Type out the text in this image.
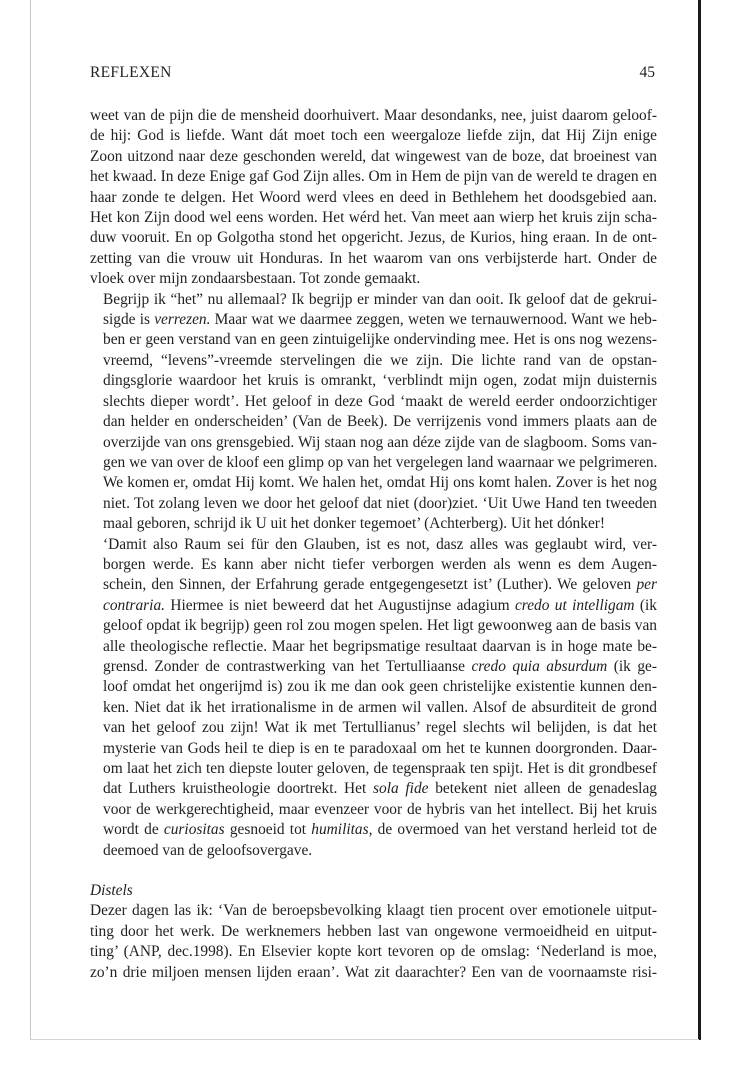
REFLEXEN	45

weet van de pijn die de mensheid doorhuivert. Maar desondanks, nee, juist daarom geloof-
de hij: God is liefde. Want dát moet toch een weergaloze liefde zijn, dat Hij Zijn enige
Zoon uitzond naar deze geschonden wereld, dat wingewest van de boze, dat broeinest van
het kwaad. In deze Enige gaf God Zijn alles. Om in Hem de pijn van de wereld te dragen en
haar zonde te delgen. Het Woord werd vlees en deed in Bethlehem het doodsgebied aan.
Het kon Zijn dood wel eens worden. Het wérd het. Van meet aan wierp het kruis zijn scha-
duw vooruit. En op Golgotha stond het opgericht. Jezus, de Kurios, hing eraan. In de ont-
zetting van die vrouw uit Honduras. In het waarom van ons verbijsterde hart. Onder de
vloek over mijn zondaarsbestaan. Tot zonde gemaakt.

Begrijp ik “het” nu allemaal? Ik begrijp er minder van dan ooit. Ik geloof dat de gekrui-
sigde is verrezen. Maar wat we daarmee zeggen, weten we ternauwernood. Want we heb-
ben er geen verstand van en geen zintuigelijke ondervinding mee. Het is ons nog wezens-
vreemd, “levens”-vreemde stervelingen die we zijn. Die lichte rand van de opstan-
dingsglorie waardoor het kruis is omrankt, ‘verblindt mijn ogen, zodat mijn duisternis
slechts dieper wordt’. Het geloof in deze God ‘maakt de wereld eerder ondoorzichtiger
dan helder en onderscheiden’ (Van de Beek). De verrijzenis vond immers plaats aan de
overzijde van ons grensgebied. Wij staan nog aan déze zijde van de slagboom. Soms van-
gen we van over de kloof een glimp op van het vergelegen land waarnaar we pelgrimeren.
We komen er, omdat Hij komt. We halen het, omdat Hij ons komt halen. Zover is het nog
niet. Tot zolang leven we door het geloof dat niet (door)ziet. ‘Uit Uwe Hand ten tweeden
maal geboren, schrijd ik U uit het donker tegemoet’ (Achterberg). Uit het dónker!

‘Damit also Raum sei für den Glauben, ist es not, dasz alles was geglaubt wird, ver-
borgen werde. Es kann aber nicht tiefer verborgen werden als wenn es dem Augen-
schein, den Sinnen, der Erfahrung gerade entgegengesetzt ist’ (Luther). We geloven per
contraria. Hiermee is niet beweerd dat het Augustijnse adagium credo ut intelligam (ik
geloof opdat ik begrijp) geen rol zou mogen spelen. Het ligt gewoonweg aan de basis van
alle theologische reflectie. Maar het begripsmatige resultaat daarvan is in hoge mate be-
grensd. Zonder de contrastwerking van het Tertulliaanse credo quia absurdum (ik ge-
loof omdat het ongerijmd is) zou ik me dan ook geen christelijke existentie kunnen den-
ken. Niet dat ik het irrationalisme in de armen wil vallen. Alsof de absurditeit de grond
van het geloof zou zijn! Wat ik met Tertullianus’ regel slechts wil belijden, is dat het
mysterie van Gods heil te diep is en te paradoxaal om het te kunnen doorgronden. Daar-
om laat het zich ten diepste louter geloven, de tegenspraak ten spijt. Het is dit grondbesef
dat Luthers kruistheologie doortrekt. Het sola fide betekent niet alleen de genadeslag
voor de werkgerechtigheid, maar evenzeer voor de hybris van het intellect. Bij het kruis
wordt de curiositas gesnoeid tot humilitas, de overmoed van het verstand herleid tot de
deemoed van de geloofsovergave.

Distels

Dezer dagen las ik: ‘Van de beroepsbevolking klaagt tien procent over emotionele uitput-
ting door het werk. De werknemers hebben last van ongewone vermoeidheid en uitput-
ting’ (ANP, dec.1998). En Elsevier kopte kort tevoren op de omslag: ‘Nederland is moe,
zo’n drie miljoen mensen lijden eraan’. Wat zit daarachter? Een van de voornaamste risi-
